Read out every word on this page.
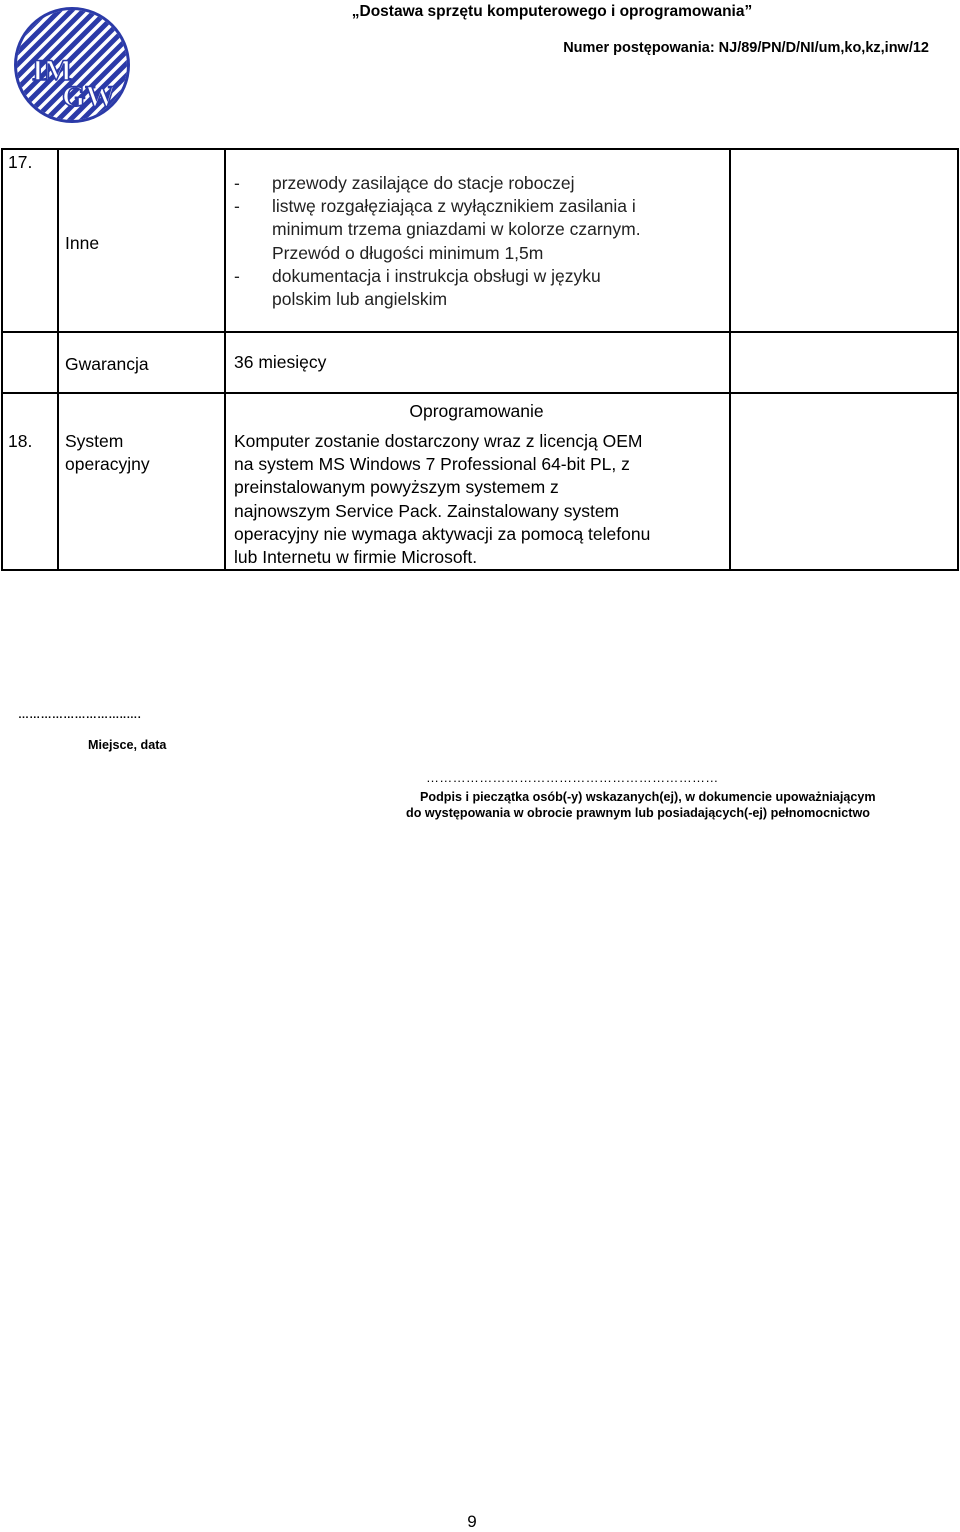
IM
GW
„Dostawa sprzętu komputerowego i oprogramowania”
Numer postępowania: NJ/89/PN/D/NI/um,ko,kz,inw/12
17.
Inne
- przewody zasilające do stacje roboczej
- listwę rozgałęziająca z wyłącznikiem zasilania i
minimum trzema gniazdami w kolorze czarnym.
Przewód o długości minimum 1,5m
- dokumentacja i instrukcja obsługi w języku
polskim lub angielskim
Gwarancja	36 miesięcy
Oprogramowanie
18. System
operacyjny
Komputer zostanie dostarczony wraz z licencją OEM
na system MS Windows 7 Professional 64-bit PL, z
preinstalowanym powyższym systemem z
najnowszym Service Pack. Zainstalowany system
operacyjny nie wymaga aktywacji za pomocą telefonu
lub Internetu w firmie Microsoft.
………………………..….
Miejsce, data
…………………………………………………………
Podpis i pieczątka osób(-y) wskazanych(ej), w dokumencie upoważniającym
do występowania w obrocie prawnym lub posiadających(-ej) pełnomocnictwo
9
